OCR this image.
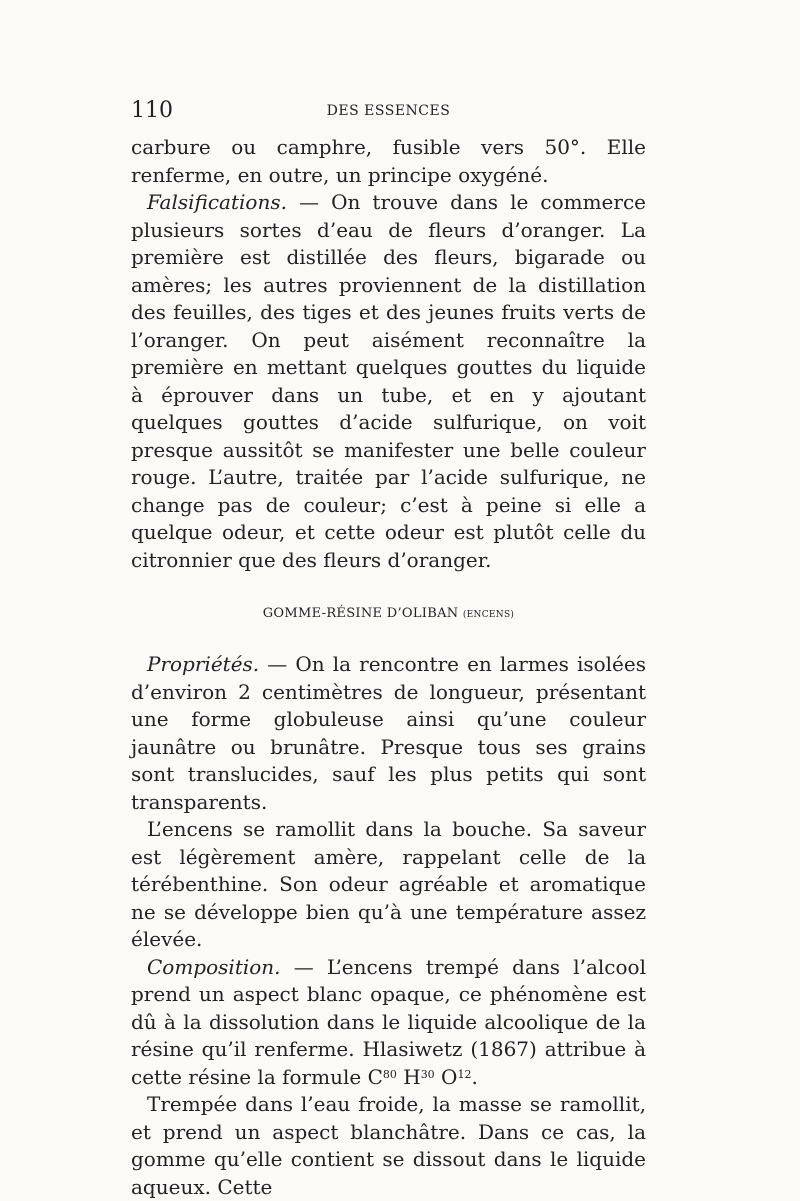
110	DES ESSENCES

carbure ou camphre, fusible vers 50°. Elle renferme, en outre, un principe oxygéné.

Falsifications. — On trouve dans le commerce plusieurs sortes d’eau de fleurs d’oranger. La première est distillée des fleurs, bigarade ou amères; les autres proviennent de la distillation des feuilles, des tiges et des jeunes fruits verts de l’oranger. On peut aisément reconnaître la première en mettant quelques gouttes du liquide à éprouver dans un tube, et en y ajoutant quelques gouttes d’acide sulfurique, on voit presque aussitôt se manifester une belle couleur rouge. L’autre, traitée par l’acide sulfurique, ne change pas de couleur; c’est à peine si elle a quelque odeur, et cette odeur est plutôt celle du citronnier que des fleurs d’oranger.

GOMME-RÉSINE D’OLIBAN (ENCENS)

Propriétés. — On la rencontre en larmes isolées d’environ 2 centimètres de longueur, présentant une forme globuleuse ainsi qu’une couleur jaunâtre ou brunâtre. Presque tous ses grains sont translucides, sauf les plus petits qui sont transparents.

L’encens se ramollit dans la bouche. Sa saveur est légèrement amère, rappelant celle de la térébenthine. Son odeur agréable et aromatique ne se développe bien qu’à une température assez élevée.

Composition. — L’encens trempé dans l’alcool prend un aspect blanc opaque, ce phénomène est dû à la dissolution dans le liquide alcoolique de la résine qu’il renferme. Hlasiwetz (1867) attribue à cette résine la formule $C^{80}$ $H^{30}$ $O^{12}$.

Trempée dans l’eau froide, la masse se ramollit, et prend un aspect blanchâtre. Dans ce cas, la gomme qu’elle contient se dissout dans le liquide aqueux. Cette
